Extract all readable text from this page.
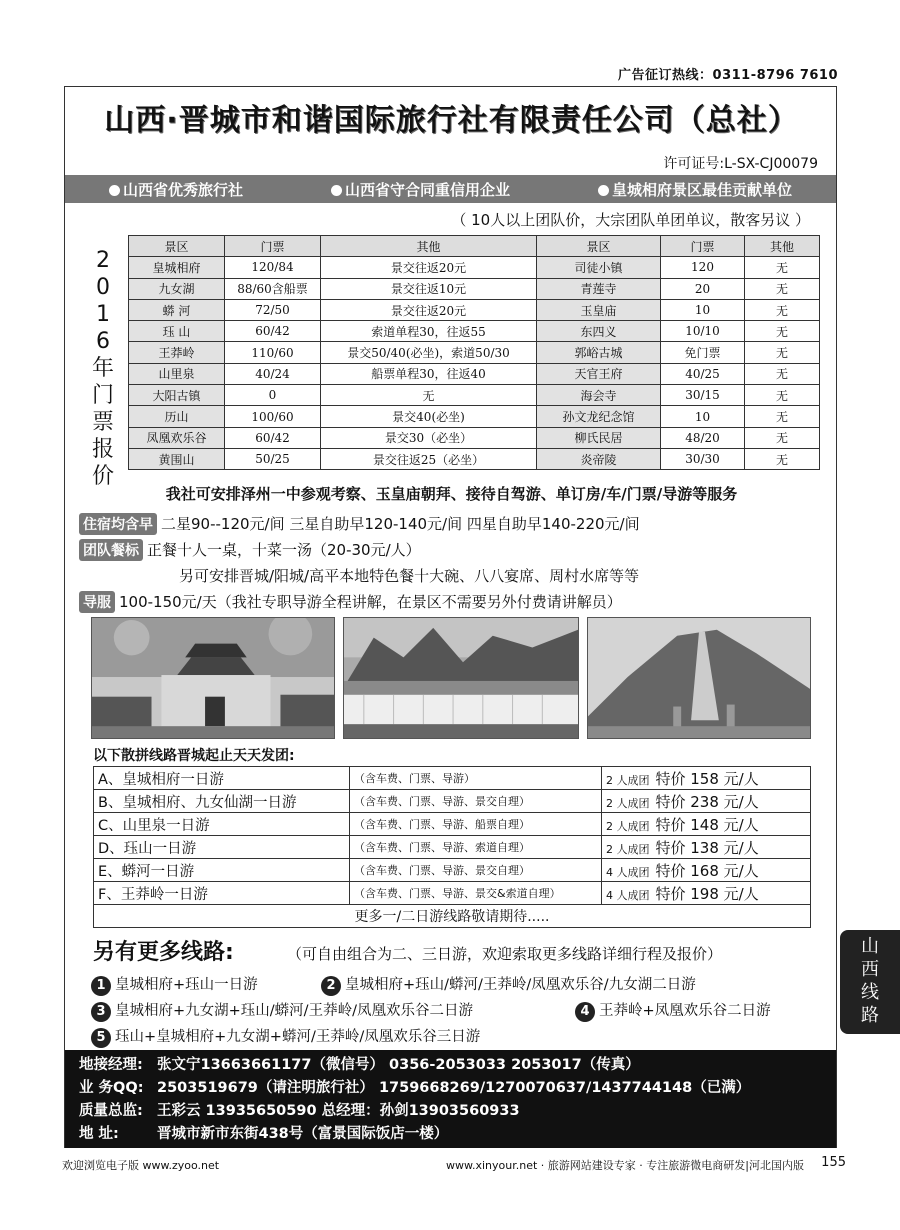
广告征订热线：0311-8796 7610
山西·晋城市和谐国际旅行社有限责任公司（总社）
许可证号:L-SX-CJ00079
山西省优秀旅行社	山西省守合同重信用企业	皇城相府景区最佳贡献单位
（ 10人以上团队价，大宗团队单团单议，散客另议 ）
2
0
1
6
年
门
票
报
价
景区	门票	其他	景区	门票	其他
皇城相府	120/84	景交往返20元	司徒小镇	120	无
九女湖	88/60含船票	景交往返10元	青莲寺	20	无
蟒 河	72/50	景交往返20元	玉皇庙	10	无
珏 山	60/42	索道单程30，往返55	东四义	10/10	无
王莽岭	110/60	景交50/40(必坐)，索道50/30	郭峪古城	免门票	无
山里泉	40/24	船票单程30，往返40	天官王府	40/25	无
大阳古镇	0	无	海会寺	30/15	无
历山	100/60	景交40(必坐)	孙文龙纪念馆	10	无
凤凰欢乐谷	60/42	景交30（必坐）	柳氏民居	48/20	无
黄围山	50/25	景交往返25（必坐）	炎帝陵	30/30	无
我社可安排泽州一中参观考察、玉皇庙朝拜、接待自驾游、单订房/车/门票/导游等服务
住宿均含早 二星90--120元/间 三星自助早120-140元/间 四星自助早140-220元/间
团队餐标 正餐十人一桌，十菜一汤（20-30元/人）
另可安排晋城/阳城/高平本地特色餐十大碗、八八宴席、周村水席等等
导服 100-150元/天（我社专职导游全程讲解，在景区不需要另外付费请讲解员）
以下散拼线路晋城起止天天发团:
A、皇城相府一日游	（含车费、门票、导游）	2 人成团 特价 158 元/人
B、皇城相府、九女仙湖一日游	（含车费、门票、导游、景交自理）	2 人成团 特价 238 元/人
C、山里泉一日游	（含车费、门票、导游、船票自理）	2 人成团 特价 148 元/人
D、珏山一日游	（含车费、门票、导游、索道自理）	2 人成团 特价 138 元/人
E、蟒河一日游	（含车费、门票、导游、景交自理）	4 人成团 特价 168 元/人
F、王莽岭一日游	（含车费、门票、导游、景交&索道自理）	4 人成团 特价 198 元/人
更多一/二日游线路敬请期待.....		
另有更多线路:	（可自由组合为二、三日游，欢迎索取更多线路详细行程及报价）
1 皇城相府+珏山一日游	2 皇城相府+珏山/蟒河/王莽岭/凤凰欢乐谷/九女湖二日游
3 皇城相府+九女湖+珏山/蟒河/王莽岭/凤凰欢乐谷二日游	4 王莽岭+凤凰欢乐谷二日游
5 珏山+皇城相府+九女湖+蟒河/王莽岭/凤凰欢乐谷三日游
地接经理: 张文宁13663661177（微信号） 0356-2053033 2053017（传真）
业 务QQ: 2503519679（请注明旅行社） 1759668269/1270070637/1437744148（已满）
质量总监: 王彩云 13935650590 总经理：孙剑13903560933
地 址:	晋城市新市东街438号（富景国际饭店一楼）
山
西
线
路
欢迎浏览电子版 www.zyoo.net	www.xinyour.net · 旅游网站建设专家 · 专注旅游微电商研发|河北国内版 155
